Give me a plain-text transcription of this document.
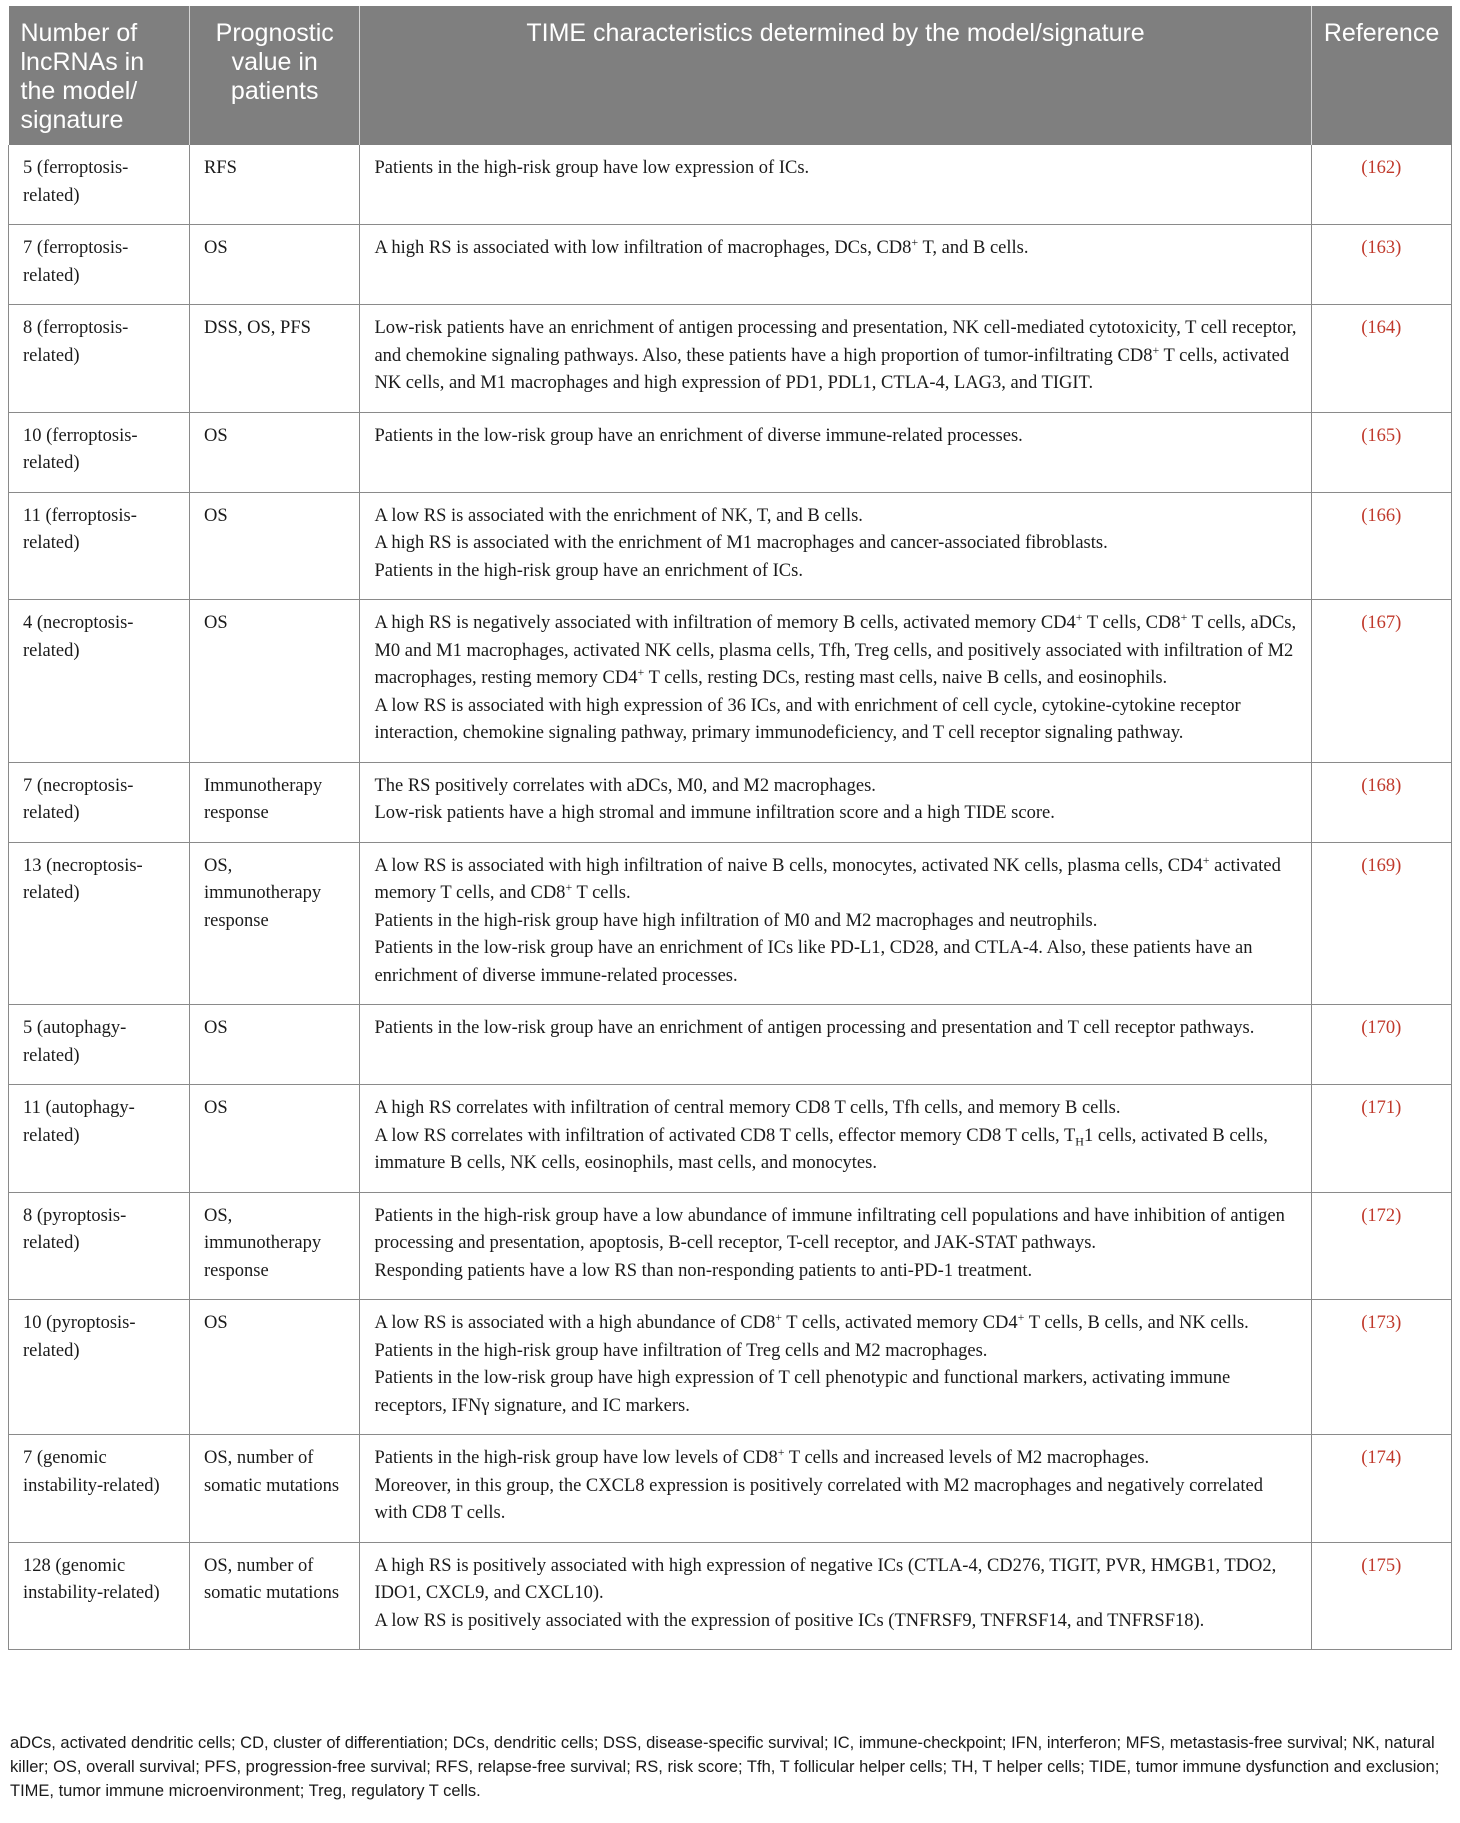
Number of lncRNAs in the model/ signature	Prognostic value in patients	TIME characteristics determined by the model/signature	Reference
5 (ferroptosis-related)	RFS	Patients in the high-risk group have low expression of ICs.	(162)
7 (ferroptosis-related)	OS	A high RS is associated with low infiltration of macrophages, DCs, CD8+ T, and B cells.	(163)
8 (ferroptosis-related)	DSS, OS, PFS	Low-risk patients have an enrichment of antigen processing and presentation, NK cell-mediated cytotoxicity, T cell receptor, and chemokine signaling pathways. Also, these patients have a high proportion of tumor-infiltrating CD8+ T cells, activated NK cells, and M1 macrophages and high expression of PD1, PDL1, CTLA-4, LAG3, and TIGIT.	(164)
10 (ferroptosis-related)	OS	Patients in the low-risk group have an enrichment of diverse immune-related processes.	(165)
11 (ferroptosis-related)	OS	A low RS is associated with the enrichment of NK, T, and B cells.
A high RS is associated with the enrichment of M1 macrophages and cancer-associated fibroblasts.
Patients in the high-risk group have an enrichment of ICs.	(166)
4 (necroptosis-related)	OS	A high RS is negatively associated with infiltration of memory B cells, activated memory CD4+ T cells, CD8+ T cells, aDCs, M0 and M1 macrophages, activated NK cells, plasma cells, Tfh, Treg cells, and positively associated with infiltration of M2 macrophages, resting memory CD4+ T cells, resting DCs, resting mast cells, naive B cells, and eosinophils.
A low RS is associated with high expression of 36 ICs, and with enrichment of cell cycle, cytokine-cytokine receptor interaction, chemokine signaling pathway, primary immunodeficiency, and T cell receptor signaling pathway.	(167)
7 (necroptosis-related)	Immunotherapy response	The RS positively correlates with aDCs, M0, and M2 macrophages.
Low-risk patients have a high stromal and immune infiltration score and a high TIDE score.	(168)
13 (necroptosis-related)	OS, immunotherapy response	A low RS is associated with high infiltration of naive B cells, monocytes, activated NK cells, plasma cells, CD4+ activated memory T cells, and CD8+ T cells.
Patients in the high-risk group have high infiltration of M0 and M2 macrophages and neutrophils.
Patients in the low-risk group have an enrichment of ICs like PD-L1, CD28, and CTLA-4. Also, these patients have an enrichment of diverse immune-related processes.	(169)
5 (autophagy-related)	OS	Patients in the low-risk group have an enrichment of antigen processing and presentation and T cell receptor pathways.	(170)
11 (autophagy-related)	OS	A high RS correlates with infiltration of central memory CD8 T cells, Tfh cells, and memory B cells.
A low RS correlates with infiltration of activated CD8 T cells, effector memory CD8 T cells, $T_H1$ cells, activated B cells, immature B cells, NK cells, eosinophils, mast cells, and monocytes.	(171)
8 (pyroptosis-related)	OS, immunotherapy response	Patients in the high-risk group have a low abundance of immune infiltrating cell populations and have inhibition of antigen processing and presentation, apoptosis, B-cell receptor, T-cell receptor, and JAK-STAT pathways.
Responding patients have a low RS than non-responding patients to anti-PD-1 treatment.	(172)
10 (pyroptosis-related)	OS	A low RS is associated with a high abundance of CD8+ T cells, activated memory CD4+ T cells, B cells, and NK cells.
Patients in the high-risk group have infiltration of Treg cells and M2 macrophages.
Patients in the low-risk group have high expression of T cell phenotypic and functional markers, activating immune receptors, IFNγ signature, and IC markers.	(173)
7 (genomic instability-related)	OS, number of somatic mutations	Patients in the high-risk group have low levels of CD8+ T cells and increased levels of M2 macrophages.
Moreover, in this group, the CXCL8 expression is positively correlated with M2 macrophages and negatively correlated with CD8 T cells.	(174)
128 (genomic instability-related)	OS, number of somatic mutations	A high RS is positively associated with high expression of negative ICs (CTLA-4, CD276, TIGIT, PVR, HMGB1, TDO2, IDO1, CXCL9, and CXCL10).
A low RS is positively associated with the expression of positive ICs (TNFRSF9, TNFRSF14, and TNFRSF18).	(175)

aDCs, activated dendritic cells; CD, cluster of differentiation; DCs, dendritic cells; DSS, disease-specific survival; IC, immune-checkpoint; IFN, interferon; MFS, metastasis-free survival; NK, natural killer; OS, overall survival; PFS, progression-free survival; RFS, relapse-free survival; RS, risk score; Tfh, T follicular helper cells; TH, T helper cells; TIDE, tumor immune dysfunction and exclusion; TIME, tumor immune microenvironment; Treg, regulatory T cells.
